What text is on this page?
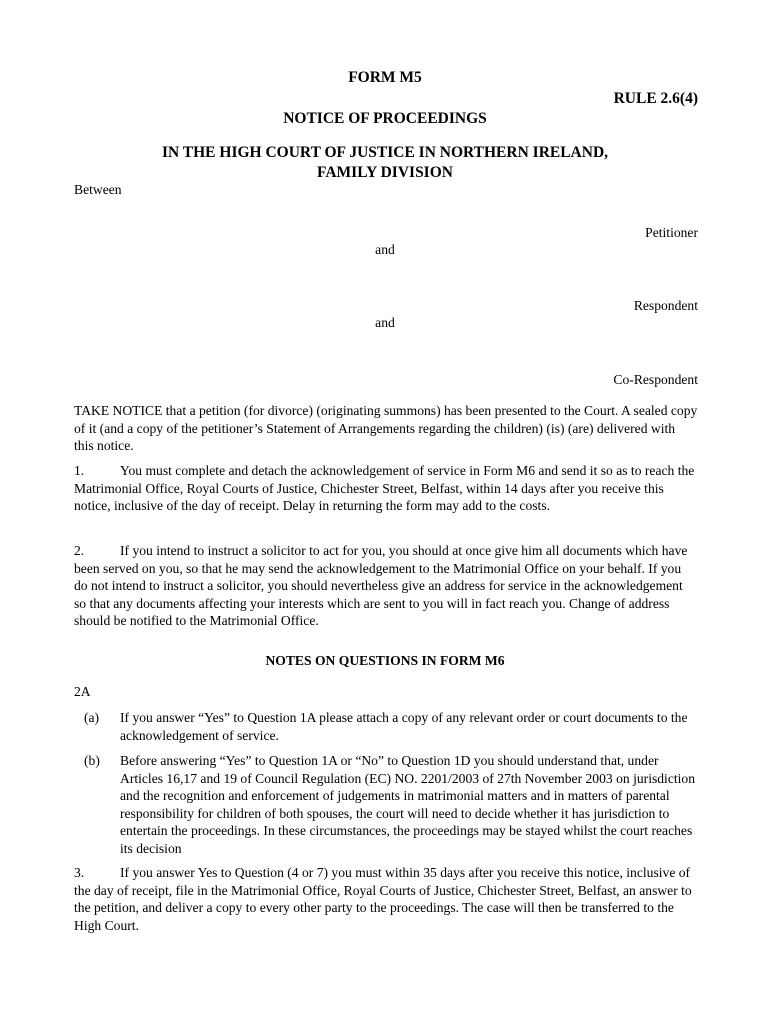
FORM M5
RULE 2.6(4)
NOTICE OF PROCEEDINGS
IN THE HIGH COURT OF JUSTICE IN NORTHERN IRELAND,
FAMILY DIVISION
Between
Petitioner
and
Respondent
and
Co-Respondent
TAKE NOTICE that a petition (for divorce) (originating summons) has been presented to the Court. A sealed copy of it (and a copy of the petitioner’s Statement of Arrangements regarding the children) (is) (are) delivered with this notice.
1.	You must complete and detach the acknowledgement of service in Form M6 and send it so as to reach the Matrimonial Office, Royal Courts of Justice, Chichester Street, Belfast, within 14 days after you receive this notice, inclusive of the day of receipt. Delay in returning the form may add to the costs.
2.	If you intend to instruct a solicitor to act for you, you should at once give him all documents which have been served on you, so that he may send the acknowledgement to the Matrimonial Office on your behalf. If you do not intend to instruct a solicitor, you should nevertheless give an address for service in the acknowledgement so that any documents affecting your interests which are sent to you will in fact reach you. Change of address should be notified to the Matrimonial Office.
NOTES ON QUESTIONS IN FORM M6
2A
(a) If you answer “Yes” to Question 1A please attach a copy of any relevant order or court documents to the acknowledgement of service.
(b) Before answering “Yes” to Question 1A or “No” to Question 1D you should understand that, under Articles 16,17 and 19 of Council Regulation (EC) NO. 2201/2003 of 27th November 2003 on jurisdiction and the recognition and enforcement of judgements in matrimonial matters and in matters of parental responsibility for children of both spouses, the court will need to decide whether it has jurisdiction to entertain the proceedings. In these circumstances, the proceedings may be stayed whilst the court reaches its decision
3.	If you answer Yes to Question (4 or 7) you must within 35 days after you receive this notice, inclusive of the day of receipt, file in the Matrimonial Office, Royal Courts of Justice, Chichester Street, Belfast, an answer to the petition, and deliver a copy to every other party to the proceedings. The case will then be transferred to the High Court.
